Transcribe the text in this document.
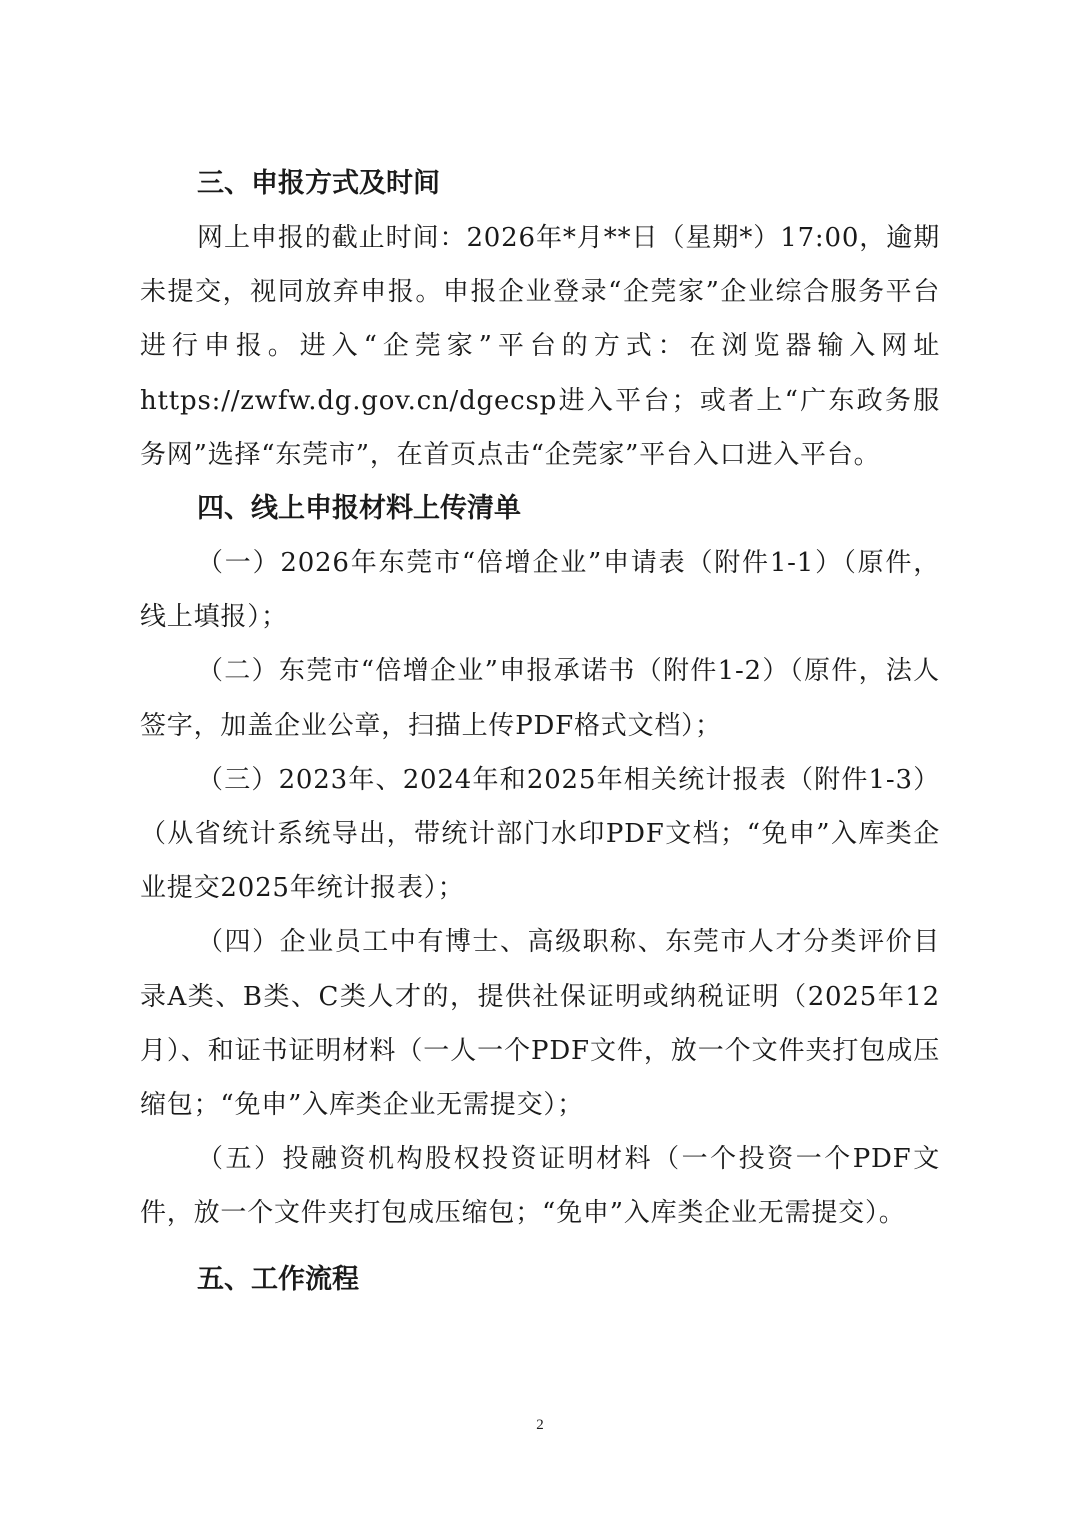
三、申报方式及时间

网上申报的截止时间：2026年*月**日（星期*）17:00，逾期未提交，视同放弃申报。申报企业登录“企莞家”企业综合服务平台进行申报。进入“企莞家”平台的方式：在浏览器输入网址https://zwfw.dg.gov.cn/dgecsp进入平台；或者上“广东政务服务网”选择“东莞市”，在首页点击“企莞家”平台入口进入平台。

四、线上申报材料上传清单

（一）2026年东莞市“倍增企业”申请表（附件1-1）（原件，线上填报）；

（二）东莞市“倍增企业”申报承诺书（附件1-2）（原件，法人签字，加盖企业公章，扫描上传PDF格式文档）；

（三）2023年、2024年和2025年相关统计报表（附件1-3）（从省统计系统导出，带统计部门水印PDF文档；“免申”入库类企业提交2025年统计报表）；

（四）企业员工中有博士、高级职称、东莞市人才分类评价目录A类、B类、C类人才的，提供社保证明或纳税证明（2025年12月）、和证书证明材料（一人一个PDF文件，放一个文件夹打包成压缩包；“免申”入库类企业无需提交）；

（五）投融资机构股权投资证明材料（一个投资一个PDF文件，放一个文件夹打包成压缩包；“免申”入库类企业无需提交）。

五、工作流程

2
